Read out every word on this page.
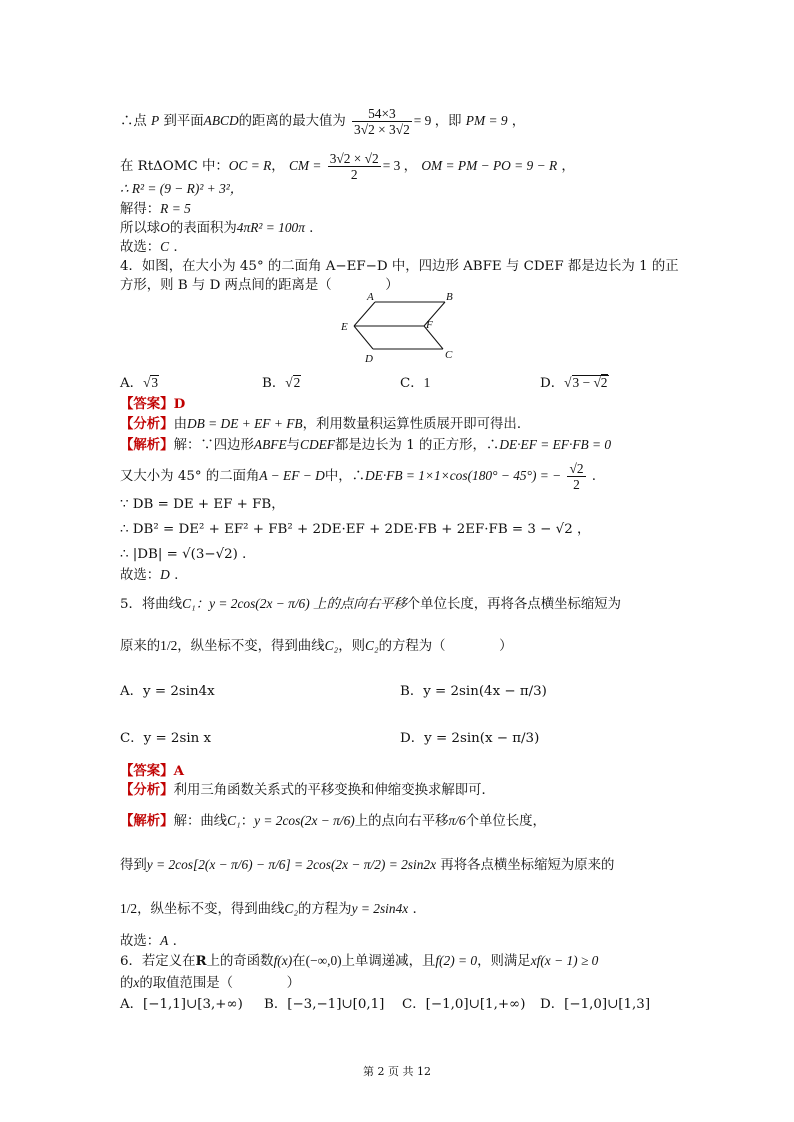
∴点 P 到平面ABCD的距离的最大值为 $\frac{54\times 3}{3√2 \times 3√2} = 9$ ，即 PM = 9 ，
在 RtΔOMC 中：OC = R， CM = $\frac{3√2 \times √2}{2} = 3$ ， OM = PM − PO = 9 − R ，
∴ R² = (9 − R)² + 3²，
解得：R = 5
所以球O的表面积为4πR² = 100π .
故选：C .
4．如图，在大小为 45° 的二面角 A−EF−D 中，四边形 ABFE 与 CDEF 都是边长为 1 的正
方形，则 B 与 D 两点间的距离是（　　　　）
A	B
E	F
D	C
A．√3	B．√2	C．1	D．√3 − √2
【答案】D
【分析】由DB = DE + EF + FB，利用数量积运算性质展开即可得出．
【解析】解：∵四边形ABFE与CDEF都是边长为 1 的正方形，∴DE·EF = EF·FB = 0
又大小为 45° 的二面角A − EF − D中，∴DE·FB = 1×1×cos(180° − 45°) = − $\frac{√2}{2}$ .
∵ DB = DE + EF + FB，
∴ DB² = DE² + EF² + FB² + 2DE·EF + 2DE·FB + 2EF·FB = 3 − √2 ，
∴ |DB| = √(3−√2) ．
故选：D .
5．将曲线C₁：y = 2cos(2x − π/6) 上的点向右平移个单位长度，再将各点横坐标缩短为
原来的1/2，纵坐标不变，得到曲线C₂，则C₂的方程为（　　　　）
A．y = 2sin4x	B．y = 2sin(4x − π/3)
C．y = 2sin x	D．y = 2sin(x − π/3)
【答案】A
【分析】利用三角函数关系式的平移变换和伸缩变换求解即可．
【解析】解：曲线C₁：y = 2cos(2x − π/6)上的点向右平移π/6个单位长度，
得到y = 2cos[2(x − π/6) − π/6] = 2cos(2x − π/2) = 2sin2x 再将各点横坐标缩短为原来的
1/2，纵坐标不变，得到曲线C₂的方程为y = 2sin4x .
故选：A .
6．若定义在R上的奇函数f(x)在(−∞,0)上单调递减，且f(2) = 0，则满足xf(x − 1) ≥ 0
的x的取值范围是（　　　　）
A．[−1,1]∪[3,+∞) B．[−3,−1]∪[0,1] C．[−1,0]∪[1,+∞) D．[−1,0]∪[1,3]
第 2 页 共 12
